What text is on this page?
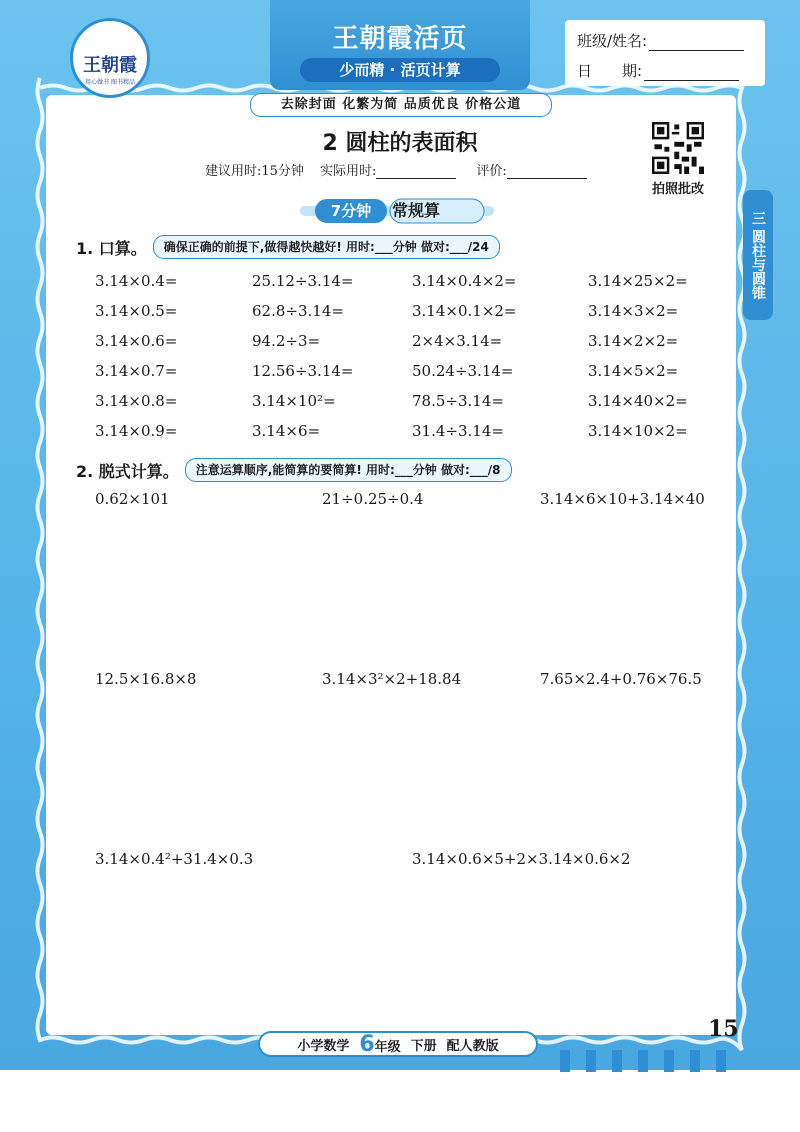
王朝霞
用心做书 图书精品
王朝霞活页
少而精 · 活页计算
班级/姓名:
日　　期:
去除封面 化繁为简 品质优良 价格公道
2 圆柱的表面积
建议用时:15分钟 实际用时:	评价:
拍照批改
三 圆柱与圆锥
7分钟	常规算
1. 口算。	确保正确的前提下,做得越快越好! 用时:___分钟 做对:___/24
3.14×0.4=	25.12÷3.14=	3.14×0.4×2=	3.14×25×2=
3.14×0.5=	62.8÷3.14=	3.14×0.1×2=	3.14×3×2=
3.14×0.6=	94.2÷3=	2×4×3.14=	3.14×2×2=
3.14×0.7=	12.56÷3.14=	50.24÷3.14=	3.14×5×2=
3.14×0.8=	3.14×10²=	78.5÷3.14=	3.14×40×2=
3.14×0.9=	3.14×6=	31.4÷3.14=	3.14×10×2=
2. 脱式计算。	注意运算顺序,能简算的要简算! 用时:___分钟 做对:___/8
0.62×101	21÷0.25÷0.4	3.14×6×10+3.14×40
12.5×16.8×8	3.14×3²×2+18.84	7.65×2.4+0.76×76.5
3.14×0.4²+31.4×0.3	3.14×0.6×5+2×3.14×0.6×2
小学数学 6年级 下册 配人教版
15
